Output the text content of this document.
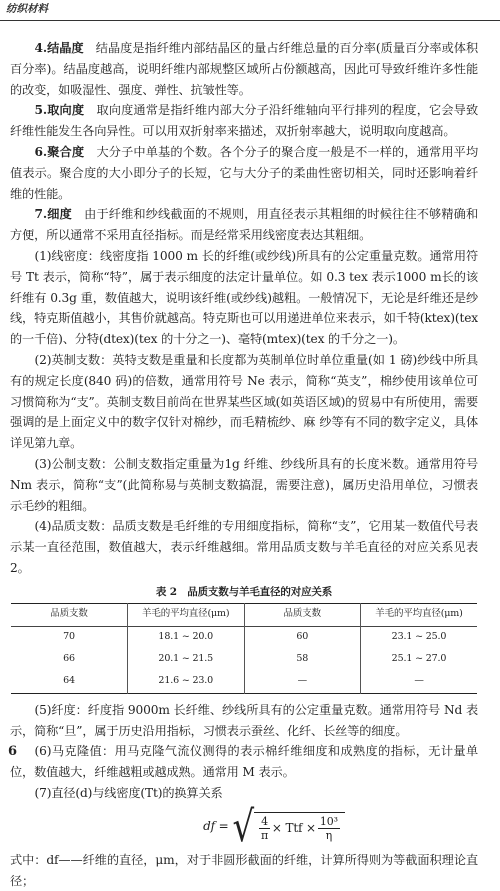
纺织材料

4.结晶度　结晶度是指纤维内部结晶区的量占纤维总量的百分率(质量百分率或体积百分率)。结晶度越高，说明纤维内部规整区域所占份额越高，因此可导致纤维许多性能的改变，如吸湿性、强度、弹性、抗皱性等。

5.取向度　取向度通常是指纤维内部大分子沿纤维轴向平行排列的程度，它会导致纤维性能发生各向异性。可以用双折射率来描述，双折射率越大，说明取向度越高。

6.聚合度　大分子中单基的个数。各个分子的聚合度一般是不一样的，通常用平均值表示。聚合度的大小即分子的长短，它与大分子的柔曲性密切相关，同时还影响着纤维的性能。

7.细度　由于纤维和纱线截面的不规则，用直径表示其粗细的时候往往不够精确和方便，所以通常不采用直径指标。而是经常采用线密度表达其粗细。

(1)线密度：线密度指 1000 m 长的纤维(或纱线)所具有的公定重量克数。通常用符号 Tt 表示，简称“特”，属于表示细度的法定计量单位。如 0.3 tex 表示1000 m长的该纤维有 0.3g 重，数值越大，说明该纤维(或纱线)越粗。一般情况下，无论是纤维还是纱线，特克斯值越小，其售价就越高。特克斯也可以用递进单位来表示，如千特(ktex)(tex 的一千倍)、分特(dtex)(tex 的十分之一)、毫特(mtex)(tex 的千分之一)。

(2)英制支数：英特支数是重量和长度都为英制单位时单位重量(如 1 磅)纱线中所具有的规定长度(840 码)的倍数，通常用符号 Ne 表示，简称“英支”，棉纱使用该单位可习惯简称为“支”。英制支数目前尚在世界某些区域(如英语区域)的贸易中有所使用，需要强调的是上面定义中的数字仅针对棉纱，而毛精梳纱、麻 纱等有不同的数字定义，具体详见第九章。

(3)公制支数：公制支数指定重量为1g 纤维、纱线所具有的长度米数。通常用符号 Nm 表示，简称“支”(此简称易与英制支数搞混，需要注意)，属历史沿用单位，习惯表示毛纱的粗细。

(4)品质支数：品质支数是毛纤维的专用细度指标，简称“支”，它用某一数值代号表示某一直径范围，数值越大，表示纤维越细。常用品质支数与羊毛直径的对应关系见表2。

表 2　品质支数与羊毛直径的对应关系
品质支数	羊毛的平均直径(μm)	品质支数	羊毛的平均直径(μm)
70	18.1 ~ 20.0	60	23.1 ~ 25.0
66	20.1 ~ 21.5	58	25.1 ~ 27.0
64	21.6 ~ 23.0	—	—

(5)纤度：纤度指 9000m 长纤维、纱线所具有的公定重量克数。通常用符号 Nd 表示，简称“旦”，属于历史沿用指标，习惯表示蚕丝、化纤、长丝等的细度。

(6)马克隆值：用马克隆气流仪测得的表示棉纤维细度和成熟度的指标，无计量单位，数值越大，纤维越粗或越成熟。通常用 M 表示。

(7)直径(d)与线密度(Tt)的换算关系

df = √ $\frac{4}{\pi}$ × Ttf × $\frac{\text{10³}}{\eta}$

式中：df——纤维的直径，μm，对于非圆形截面的纤维，计算所得则为等截面积理论直径；

6
